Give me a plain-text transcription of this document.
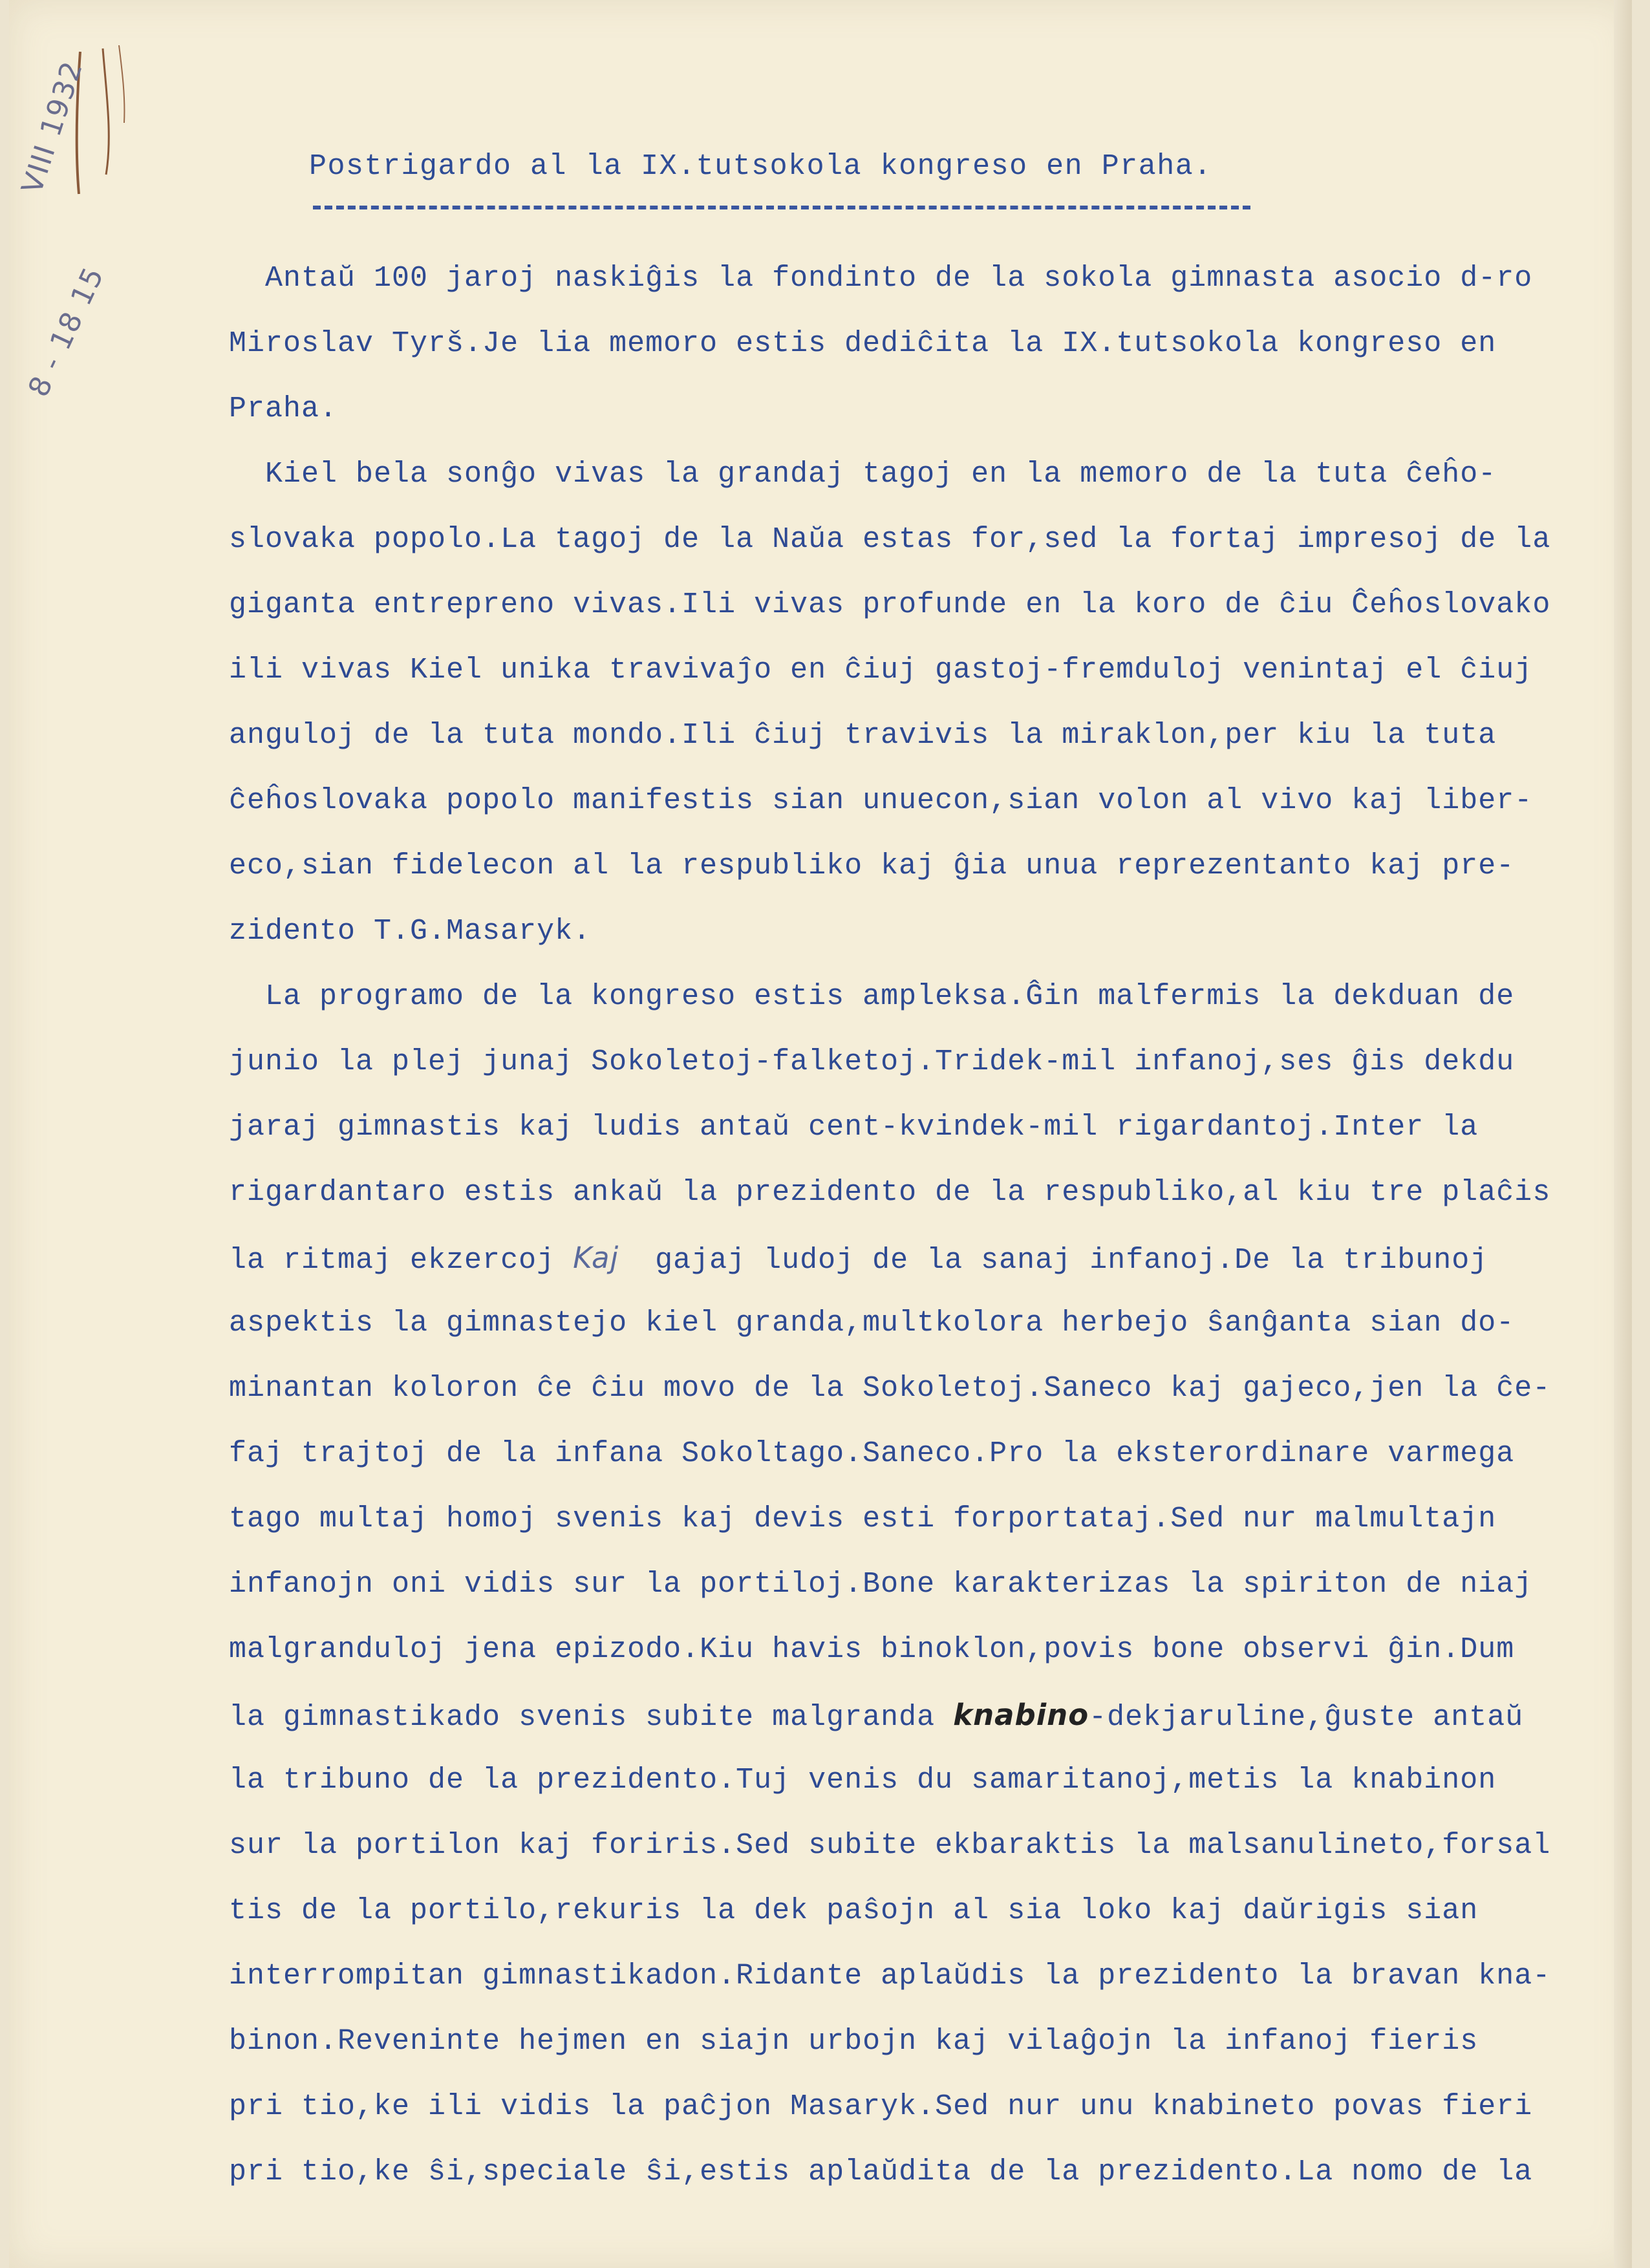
VIII 1932
8 - 18 15
Postrigardo al la IX.tutsokola kongreso en Praha.
Antaŭ 100 jaroj naskiĝis la fondinto de la sokola gimnasta asocio d-ro
Miroslav Tyrš.Je lia memoro estis dediĉita la IX.tutsokola kongreso en
Praha.
Kiel bela sonĝo vivas la grandaj tagoj en la memoro de la tuta ĉeĥo-
slovaka popolo.La tagoj de la Naŭa estas for,sed la fortaj impresoj de la
giganta entrepreno vivas.Ili vivas profunde en la koro de ĉiu Ĉeĥoslovako
ili vivas Kiel unika travivaĵo en ĉiuj gastoj-fremduloj venintaj el ĉiuj
anguloj de la tuta mondo.Ili ĉiuj travivis la miraklon,per kiu la tuta
ĉeĥoslovaka popolo manifestis sian unuecon,sian volon al vivo kaj liber-
eco,sian fidelecon al la respubliko kaj ĝia unua reprezentanto kaj pre-
zidento T.G.Masaryk.
La programo de la kongreso estis ampleksa.Ĝin malfermis la dekduan de
junio la plej junaj Sokoletoj-falketoj.Tridek-mil infanoj,ses ĝis dekdu
jaraj gimnastis kaj ludis antaŭ cent-kvindek-mil rigardantoj.Inter la
rigardantaro estis ankaŭ la prezidento de la respubliko,al kiu tre plaĉis
la ritmaj ekzercoj Kaj  gajaj ludoj de la sanaj infanoj.De la tribunoj
aspektis la gimnastejo kiel granda,multkolora herbejo ŝanĝanta sian do-
minantan koloron ĉe ĉiu movo de la Sokoletoj.Saneco kaj gajeco,jen la ĉe-
faj trajtoj de la infana Sokoltago.Saneco.Pro la eksterordinare varmega
tago multaj homoj svenis kaj devis esti forportataj.Sed nur malmultajn
infanojn oni vidis sur la portiloj.Bone karakterizas la spiriton de niaj
malgranduloj jena epizodo.Kiu havis binoklon,povis bone observi ĝin.Dum
la gimnastikado svenis subite malgranda knabino-dekjaruline,ĝuste antaŭ
la tribuno de la prezidento.Tuj venis du samaritanoj,metis la knabinon
sur la portilon kaj foriris.Sed subite ekbaraktis la malsanulineto,forsal
tis de la portilo,rekuris la dek paŝojn al sia loko kaj daŭrigis sian
interrompitan gimnastikadon.Ridante aplaŭdis la prezidento la bravan kna-
binon.Reveninte hejmen en siajn urbojn kaj vilaĝojn la infanoj fieris
pri tio,ke ili vidis la paĉjon Masaryk.Sed nur unu knabineto povas fieri
pri tio,ke ŝi,speciale ŝi,estis aplaŭdita de la prezidento.La nomo de la
